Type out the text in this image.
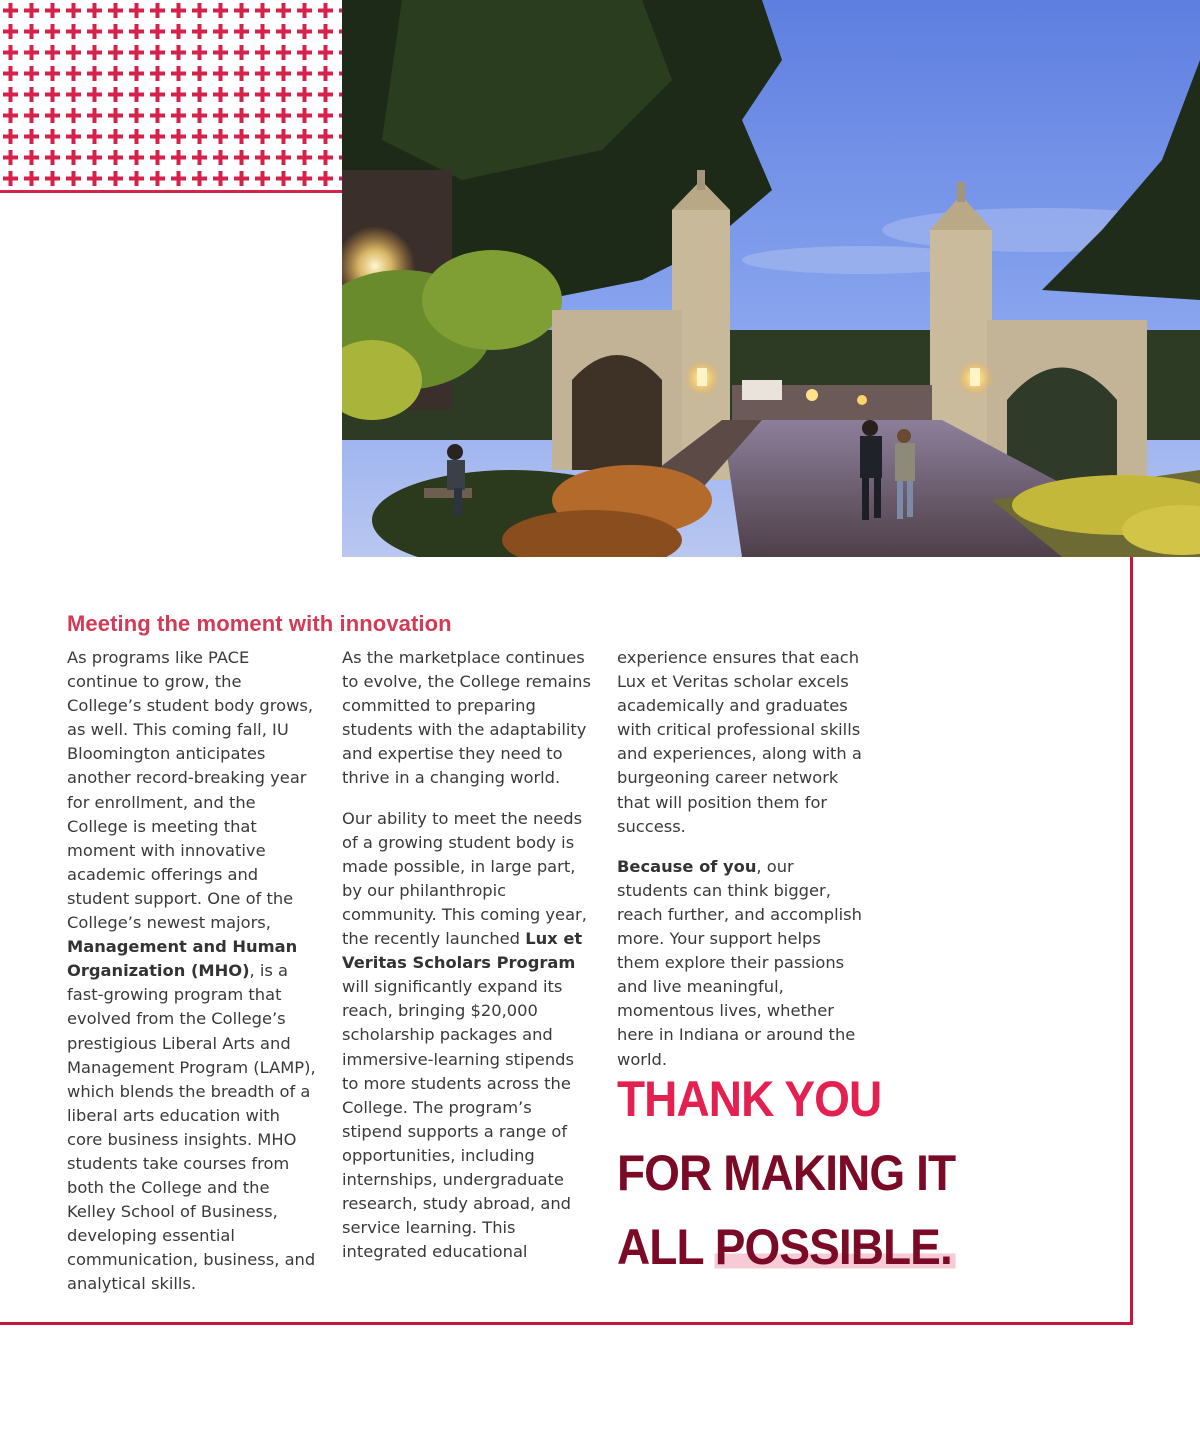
Meeting the moment with innovation

As programs like PACE continue to grow, the College’s student body grows, as well. This coming fall, IU Bloomington anticipates another record-breaking year for enrollment, and the College is meeting that moment with innovative academic offerings and student support. One of the College’s newest majors, Management and Human Organization (MHO), is a fast-growing program that evolved from the College’s prestigious Liberal Arts and Management Program (LAMP), which blends the breadth of a liberal arts education with core business insights. MHO students take courses from both the College and the Kelley School of Business, developing essential communication, business, and analytical skills.

As the marketplace continues to evolve, the College remains committed to preparing students with the adaptability and expertise they need to thrive in a changing world.

Our ability to meet the needs of a growing student body is made possible, in large part, by our philanthropic community. This coming year, the recently launched Lux et Veritas Scholars Program will significantly expand its reach, bringing $20,000 scholarship packages and immersive-learning stipends to more students across the College. The program’s stipend supports a range of opportunities, including internships, undergraduate research, study abroad, and service learning. This integrated educational

experience ensures that each Lux et Veritas scholar excels academically and graduates with critical professional skills and experiences, along with a burgeoning career network that will position them for success.

Because of you, our students can think bigger, reach further, and accomplish more. Your support helps them explore their passions and live meaningful, momentous lives, whether here in Indiana or around the world.

THANK YOU
FOR MAKING IT
ALL POSSIBLE.
